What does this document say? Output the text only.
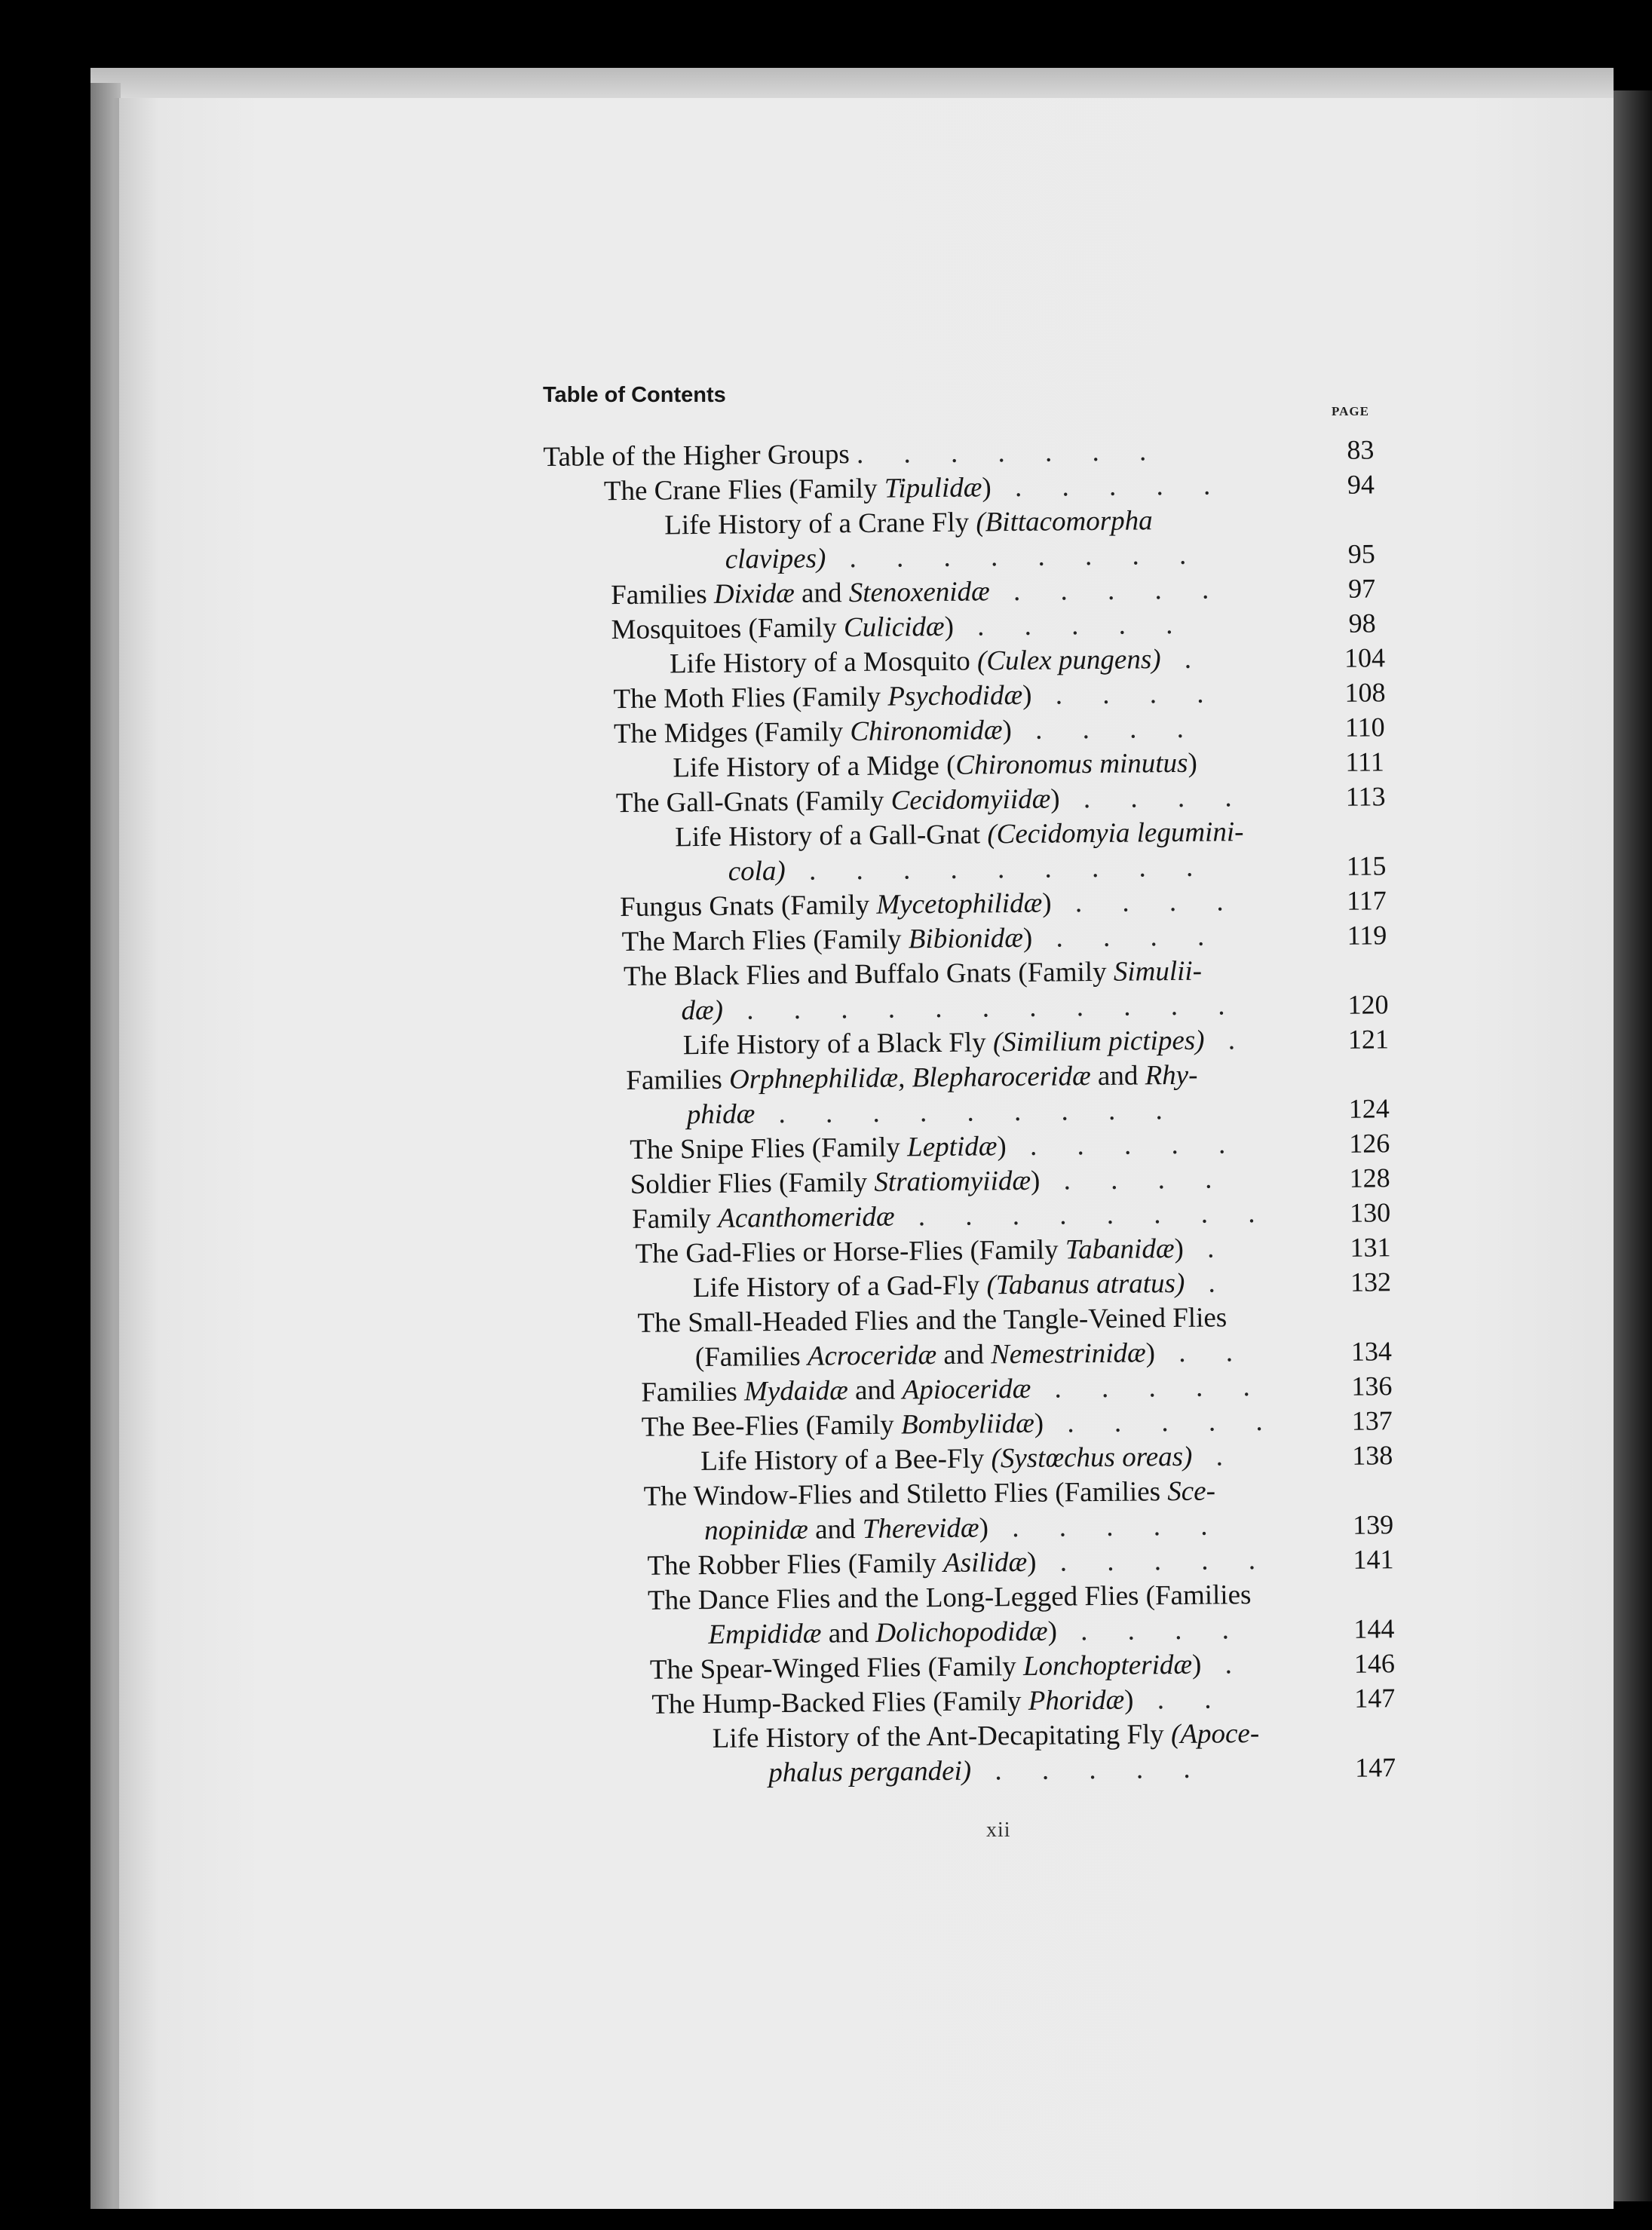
Table of Contents
PAGE
Table of the Higher Groups . . . . . . .	83
The Crane Flies (Family Tipulidæ) . . . . .	94
Life History of a Crane Fly (Bittacomorpha
clavipes) . . . . . . . .	95
Families Dixidæ and Stenoxenidæ . . . . .	97
Mosquitoes (Family Culicidæ) . . . . .	98
Life History of a Mosquito (Culex pungens) .	104
The Moth Flies (Family Psychodidæ) . . . .	108
The Midges (Family Chironomidæ) . . . .	110
Life History of a Midge (Chironomus minutus)	111
The Gall-Gnats (Family Cecidomyiidæ) . . . .	113
Life History of a Gall-Gnat (Cecidomyia legumini-
cola) . . . . . . . . .	115
Fungus Gnats (Family Mycetophilidæ) . . . .	117
The March Flies (Family Bibionidæ) . . . .	119
The Black Flies and Buffalo Gnats (Family Simulii-
dæ) . . . . . . . . . . .	120
Life History of a Black Fly (Similium pictipes) .	121
Families Orphnephilidæ, Blepharoceridæ and Rhy-
phidæ . . . . . . . . .	124
The Snipe Flies (Family Leptidæ) . . . . .	126
Soldier Flies (Family Stratiomyiidæ) . . . .	128
Family Acanthomeridæ . . . . . . . .	130
The Gad-Flies or Horse-Flies (Family Tabanidæ) .	131
Life History of a Gad-Fly (Tabanus atratus) .	132
The Small-Headed Flies and the Tangle-Veined Flies
(Families Acroceridæ and Nemestrinidæ) . .	134
Families Mydaidæ and Apioceridæ . . . . .	136
The Bee-Flies (Family Bombyliidæ) . . . . .	137
Life History of a Bee-Fly (Systœchus oreas) .	138
The Window-Flies and Stiletto Flies (Families Sce-
nopinidæ and Therevidæ) . . . . .	139
The Robber Flies (Family Asilidæ) . . . . .	141
The Dance Flies and the Long-Legged Flies (Families
Empididæ and Dolichopodidæ) . . . .	144
The Spear-Winged Flies (Family Lonchopteridæ) .	146
The Hump-Backed Flies (Family Phoridæ) . .	147
Life History of the Ant-Decapitating Fly (Apoce-
phalus pergandei) . . . . .	147
xii
